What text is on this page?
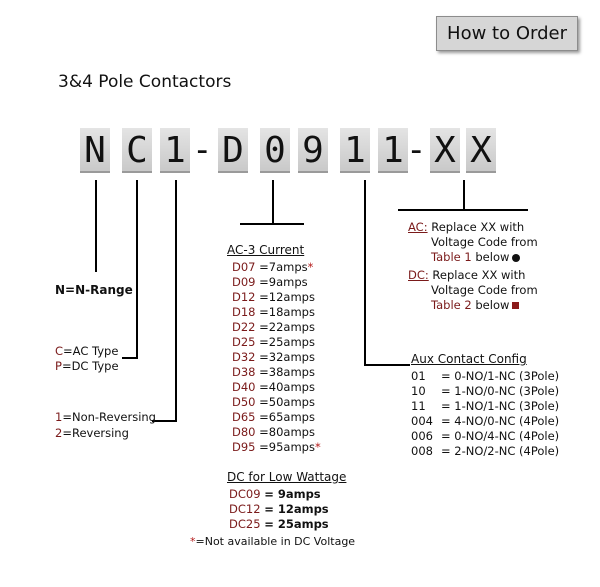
How to Order
3&4 Pole Contactors
N C 1 - D 0 9 1 1 - X X
N=N-Range
C=AC Type
P=DC Type
1=Non-Reversing
2=Reversing
AC-3 Current
D07 =7amps*
D09 =9amps
D12 =12amps
D18 =18amps
D22 =22amps
D25 =25amps
D32 =32amps
D38 =38amps
D40 =40amps
D50 =50amps
D65 =65amps
D80 =80amps
D95 =95amps*
DC for Low Wattage
DC09 = 9amps
DC12 = 12amps
DC25 = 25amps
*=Not available in DC Voltage
Aux Contact Config
01 = 0-NO/1-NC (3Pole)
10 = 1-NO/0-NC (3Pole)
11 = 1-NO/1-NC (3Pole)
004 = 4-NO/0-NC (4Pole)
006 = 0-NO/4-NC (4Pole)
008 = 2-NO/2-NC (4Pole)
AC: Replace XX with
Voltage Code from
Table 1 below
DC: Replace XX with
Voltage Code from
Table 2 below
